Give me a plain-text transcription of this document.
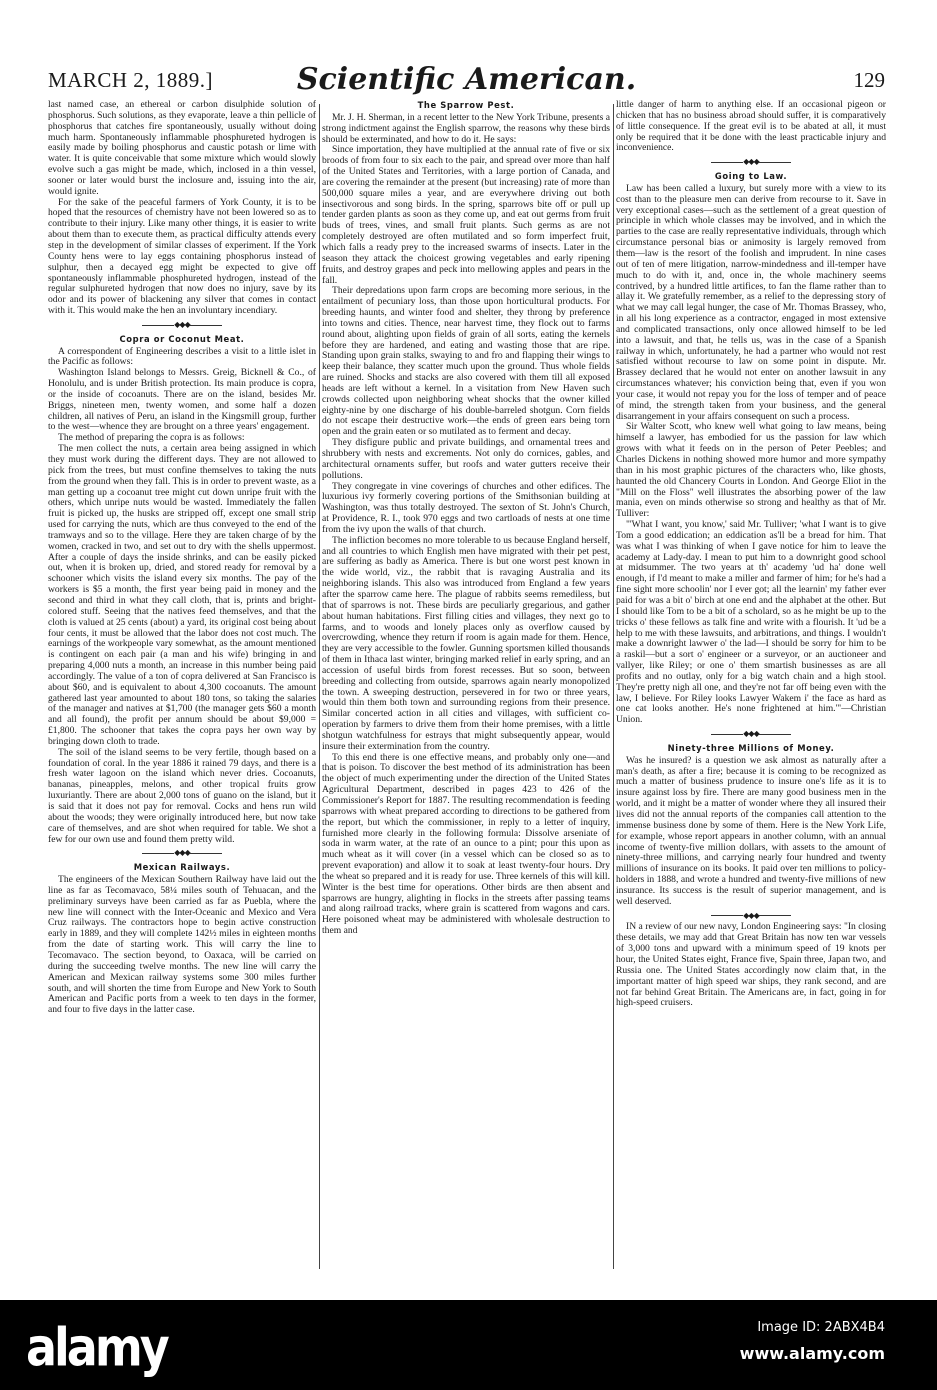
MARCH 2, 1889.]	Scientific American.	129

last named case, an ethereal or carbon disulphide solution of phosphorus. Such solutions, as they evaporate, leave a thin pellicle of phosphorus that catches fire spontaneously, usually without doing much harm. Spontaneously inflammable phosphureted hydrogen is easily made by boiling phosphorus and caustic potash or lime with water. It is quite conceivable that some mixture which would slowly evolve such a gas might be made, which, inclosed in a thin vessel, sooner or later would burst the inclosure and, issuing into the air, would ignite.

For the sake of the peaceful farmers of York County, it is to be hoped that the resources of chemistry have not been lowered so as to contribute to their injury. Like many other things, it is easier to write about them than to execute them, as practical difficulty attends every step in the development of similar classes of experiment. If the York County hens were to lay eggs containing phosphorus instead of sulphur, then a decayed egg might be expected to give off spontaneously inflammable phosphureted hydrogen, instead of the regular sulphureted hydrogen that now does no injury, save by its odor and its power of blackening any silver that comes in contact with it. This would make the hen an involuntary incendiary.

◆◆◆
Copra or Coconut Meat.

A correspondent of Engineering describes a visit to a little islet in the Pacific as follows:

Washington Island belongs to Messrs. Greig, Bicknell & Co., of Honolulu, and is under British protection. Its main produce is copra, or the inside of cocoanuts. There are on the island, besides Mr. Briggs, nineteen men, twenty women, and some half a dozen children, all natives of Peru, an island in the Kingsmill group, further to the west—whence they are brought on a three years' engagement.

The method of preparing the copra is as follows:

The men collect the nuts, a certain area being assigned in which they must work during the different days. They are not allowed to pick from the trees, but must confine themselves to taking the nuts from the ground when they fall. This is in order to prevent waste, as a man getting up a cocoanut tree might cut down unripe fruit with the others, which unripe nuts would be wasted. Immediately the fallen fruit is picked up, the husks are stripped off, except one small strip used for carrying the nuts, which are thus conveyed to the end of the tramways and so to the village. Here they are taken charge of by the women, cracked in two, and set out to dry with the shells uppermost. After a couple of days the inside shrinks, and can be easily picked out, when it is broken up, dried, and stored ready for removal by a schooner which visits the island every six months. The pay of the workers is $5 a month, the first year being paid in money and the second and third in what they call cloth, that is, prints and bright-colored stuff. Seeing that the natives feed themselves, and that the cloth is valued at 25 cents (about) a yard, its original cost being about four cents, it must be allowed that the labor does not cost much. The earnings of the workpeople vary somewhat, as the amount mentioned is contingent on each pair (a man and his wife) bringing in and preparing 4,000 nuts a month, an increase in this number being paid accordingly. The value of a ton of copra delivered at San Francisco is about $60, and is equivalent to about 4,300 cocoanuts. The amount gathered last year amounted to about 180 tons, so taking the salaries of the manager and natives at $1,700 (the manager gets $60 a month and all found), the profit per annum should be about $9,000 = £1,800. The schooner that takes the copra pays her own way by bringing down cloth to trade.

The soil of the island seems to be very fertile, though based on a foundation of coral. In the year 1886 it rained 79 days, and there is a fresh water lagoon on the island which never dries. Cocoanuts, bananas, pineapples, melons, and other tropical fruits grow luxuriantly. There are about 2,000 tons of guano on the island, but it is said that it does not pay for removal. Cocks and hens run wild about the woods; they were originally introduced here, but now take care of themselves, and are shot when required for table. We shot a few for our own use and found them pretty wild.

◆◆◆
Mexican Railways.

The engineers of the Mexican Southern Railway have laid out the line as far as Tecomavaco, 58¼ miles south of Tehuacan, and the preliminary surveys have been carried as far as Puebla, where the new line will connect with the Inter-Oceanic and Mexico and Vera Cruz railways. The contractors hope to begin active construction early in 1889, and they will complete 142½ miles in eighteen months from the date of starting work. This will carry the line to Tecomavaco. The section beyond, to Oaxaca, will be carried on during the succeeding twelve months. The new line will carry the American and Mexican railway systems some 300 miles further south, and will shorten the time from Europe and New York to South American and Pacific ports from a week to ten days in the former, and four to five days in the latter case.

The Sparrow Pest.

Mr. J. H. Sherman, in a recent letter to the New York Tribune, presents a strong indictment against the English sparrow, the reasons why these birds should be exterminated, and how to do it. He says:

Since importation, they have multiplied at the annual rate of five or six broods of from four to six each to the pair, and spread over more than half of the United States and Territories, with a large portion of Canada, and are covering the remainder at the present (but increasing) rate of more than 500,000 square miles a year, and are everywhere driving out both insectivorous and song birds. In the spring, sparrows bite off or pull up tender garden plants as soon as they come up, and eat out germs from fruit buds of trees, vines, and small fruit plants. Such germs as are not completely destroyed are often mutilated and so form imperfect fruit, which falls a ready prey to the increased swarms of insects. Later in the season they attack the choicest growing vegetables and early ripening fruits, and destroy grapes and peck into mellowing apples and pears in the fall.

Their depredations upon farm crops are becoming more serious, in the entailment of pecuniary loss, than those upon horticultural products. For breeding haunts, and winter food and shelter, they throng by preference into towns and cities. Thence, near harvest time, they flock out to farms round about, alighting upon fields of grain of all sorts, eating the kernels before they are hardened, and eating and wasting those that are ripe. Standing upon grain stalks, swaying to and fro and flapping their wings to keep their balance, they scatter much upon the ground. Thus whole fields are ruined. Shocks and stacks are also covered with them till all exposed heads are left without a kernel. In a visitation from New Haven such crowds collected upon neighboring wheat shocks that the owner killed eighty-nine by one discharge of his double-barreled shotgun. Corn fields do not escape their destructive work—the ends of green ears being torn open and the grain eaten or so mutilated as to ferment and decay.

They disfigure public and private buildings, and ornamental trees and shrubbery with nests and excrements. Not only do cornices, gables, and architectural ornaments suffer, but roofs and water gutters receive their pollutions.

They congregate in vine coverings of churches and other edifices. The luxurious ivy formerly covering portions of the Smithsonian building at Washington, was thus totally destroyed. The sexton of St. John's Church, at Providence, R. I., took 970 eggs and two cartloads of nests at one time from the ivy upon the walls of that church.

The infliction becomes no more tolerable to us because England herself, and all countries to which English men have migrated with their pet pest, are suffering as badly as America. There is but one worst pest known in the wide world, viz., the rabbit that is ravaging Australia and its neighboring islands. This also was introduced from England a few years after the sparrow came here. The plague of rabbits seems remediless, but that of sparrows is not. These birds are peculiarly gregarious, and gather about human habitations. First filling cities and villages, they next go to farms, and to woods and lonely places only as overflow caused by overcrowding, whence they return if room is again made for them. Hence, they are very accessible to the fowler. Gunning sportsmen killed thousands of them in Ithaca last winter, bringing marked relief in early spring, and an accession of useful birds from forest recesses. But so soon, between breeding and collecting from outside, sparrows again nearly monopolized the town. A sweeping destruction, persevered in for two or three years, would thin them both town and surrounding regions from their presence. Similar concerted action in all cities and villages, with sufficient co-operation by farmers to drive them from their home premises, with a little shotgun watchfulness for estrays that might subsequently appear, would insure their extermination from the country.

To this end there is one effective means, and probably only one—and that is poison. To discover the best method of its administration has been the object of much experimenting under the direction of the United States Agricultural Department, described in pages 423 to 426 of the Commissioner's Report for 1887. The resulting recommendation is feeding sparrows with wheat prepared according to directions to be gathered from the report, but which the commissioner, in reply to a letter of inquiry, furnished more clearly in the following formula: Dissolve arseniate of soda in warm water, at the rate of an ounce to a pint; pour this upon as much wheat as it will cover (in a vessel which can be closed so as to prevent evaporation) and allow it to soak at least twenty-four hours. Dry the wheat so prepared and it is ready for use. Three kernels of this will kill. Winter is the best time for operations. Other birds are then absent and sparrows are hungry, alighting in flocks in the streets after passing teams and along railroad tracks, where grain is scattered from wagons and cars. Here poisoned wheat may be administered with wholesale destruction to them and

little danger of harm to anything else. If an occasional pigeon or chicken that has no business abroad should suffer, it is comparatively of little consequence. If the great evil is to be abated at all, it must only be required that it be done with the least practicable injury and inconvenience.

◆◆◆
Going to Law.

Law has been called a luxury, but surely more with a view to its cost than to the pleasure men can derive from recourse to it. Save in very exceptional cases—such as the settlement of a great question of principle in which whole classes may be involved, and in which the parties to the case are really representative individuals, through which circumstance personal bias or animosity is largely removed from them—law is the resort of the foolish and imprudent. In nine cases out of ten of mere litigation, narrow-mindedness and ill-temper have much to do with it, and, once in, the whole machinery seems contrived, by a hundred little artifices, to fan the flame rather than to allay it. We gratefully remember, as a relief to the depressing story of what we may call legal hunger, the case of Mr. Thomas Brassey, who, in all his long experience as a contractor, engaged in most extensive and complicated transactions, only once allowed himself to be led into a lawsuit, and that, he tells us, was in the case of a Spanish railway in which, unfortunately, he had a partner who would not rest satisfied without recourse to law on some point in dispute. Mr. Brassey declared that he would not enter on another lawsuit in any circumstances whatever; his conviction being that, even if you won your case, it would not repay you for the loss of temper and of peace of mind, the strength taken from your business, and the general disarrangement in your affairs consequent on such a process.

Sir Walter Scott, who knew well what going to law means, being himself a lawyer, has embodied for us the passion for law which grows with what it feeds on in the person of Peter Peebles; and Charles Dickens in nothing showed more humor and more sympathy than in his most graphic pictures of the characters who, like ghosts, haunted the old Chancery Courts in London. And George Eliot in the "Mill on the Floss" well illustrates the absorbing power of the law mania, even on minds otherwise so strong and healthy as that of Mr. Tulliver:

"'What I want, you know,' said Mr. Tulliver; 'what I want is to give Tom a good eddication; an eddication as'll be a bread for him. That was what I was thinking of when I gave notice for him to leave the academy at Lady-day. I mean to put him to a downright good school at midsummer. The two years at th' academy 'ud ha' done well enough, if I'd meant to make a miller and farmer of him; for he's had a fine sight more schoolin' nor I ever got; all the learnin' my father ever paid for was a bit o' birch at one end and the alphabet at the other. But I should like Tom to be a bit of a scholard, so as he might be up to the tricks o' these fellows as talk fine and write with a flourish. It 'ud be a help to me with these lawsuits, and arbitrations, and things. I wouldn't make a downright lawwer o' the lad—I should be sorry for him to be a raskil—but a sort o' engineer or a surveyor, or an auctioneer and vallyer, like Riley; or one o' them smartish businesses as are all profits and no outlay, only for a big watch chain and a high stool. They're pretty nigh all one, and they're not far off being even with the law, I believe. For Riley looks Lawyer Wakem i' the face as hard as one cat looks another. He's none frightened at him.'"—Christian Union.

◆◆◆
Ninety-three Millions of Money.

Was he insured? is a question we ask almost as naturally after a man's death, as after a fire; because it is coming to be recognized as much a matter of business prudence to insure one's life as it is to insure against loss by fire. There are many good business men in the world, and it might be a matter of wonder where they all insured their lives did not the annual reports of the companies call attention to the immense business done by some of them. Here is the New York Life, for example, whose report appears in another column, with an annual income of twenty-five million dollars, with assets to the amount of ninety-three millions, and carrying nearly four hundred and twenty millions of insurance on its books. It paid over ten millions to policy-holders in 1888, and wrote a hundred and twenty-five millions of new insurance. Its success is the result of superior management, and is well deserved.

◆◆◆

IN a review of our new navy, London Engineering says: "In closing these details, we may add that Great Britain has now ten war vessels of 3,000 tons and upward with a minimum speed of 19 knots per hour, the United States eight, France five, Spain three, Japan two, and Russia one. The United States accordingly now claim that, in the important matter of high speed war ships, they rank second, and are not far behind Great Britain. The Americans are, in fact, going in for high-speed cruisers.

alamy	Image ID: 2ABX4B4
www.alamy.com
